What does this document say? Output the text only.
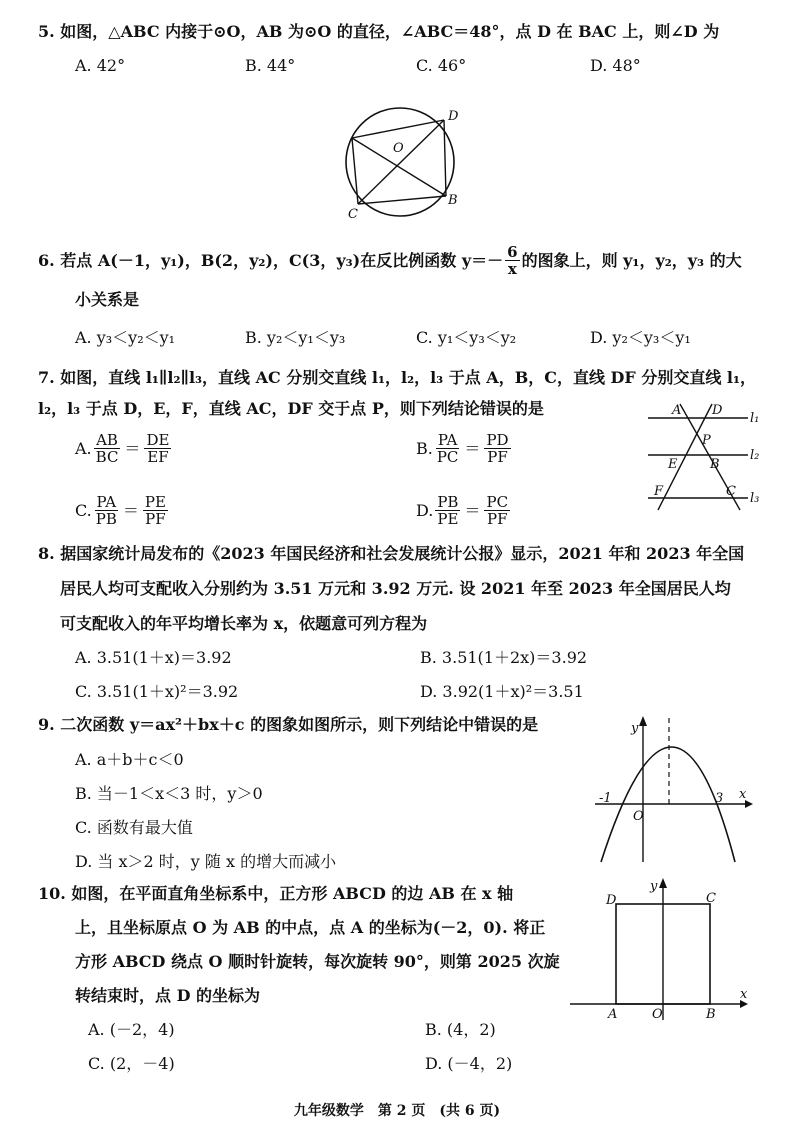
5. 如图，△ABC 内接于⊙O，AB 为⊙O 的直径，∠ABC＝48°，点 D 在 BAC 上，则∠D 为
A. 42°	B. 44°	C. 46°	D. 48°
D
O
B
C
6. 若点 A(－1，y₁)，B(2，y₂)，C(3，y₃)在反比例函数 $y=- \frac{6}{x}$ 的图象上，则 y₁，y₂，y₃ 的大
小关系是
A. y₃＜y₂＜y₁	B. y₂＜y₁＜y₃	C. y₁＜y₃＜y₂	D. y₂＜y₃＜y₁
7. 如图，直线 l₁∥l₂∥l₃，直线 AC 分别交直线 l₁，l₂，l₃ 于点 A，B，C，直线 DF 分别交直线 l₁，
l₂，l₃ 于点 D，E，F，直线 AC，DF 交于点 P，则下列结论错误的是
A. $\frac{AB}{BC} = \frac{DE}{EF}$	B. $\frac{PA}{PC} = \frac{PD}{PF}$
C. $\frac{PA}{PB} = \frac{PE}{PF}$	D. $\frac{PB}{PE} = \frac{PC}{PF}$
A D
l₁
P
E	B
l₂
F	C l₃
8. 据国家统计局发布的《2023 年国民经济和社会发展统计公报》显示，2021 年和 2023 年全国
居民人均可支配收入分别约为 3.51 万元和 3.92 万元. 设 2021 年至 2023 年全国居民人均
可支配收入的年平均增长率为 x，依题意可列方程为
A. 3.51(1＋x)＝3.92	B. 3.51(1＋2x)＝3.92
C. 3.51(1＋x)²＝3.92	D. 3.92(1＋x)²＝3.51
9. 二次函数 y＝ax²＋bx＋c 的图象如图所示，则下列结论中错误的是
A. a＋b＋c＜0
B. 当－1＜x＜3 时，y＞0
C. 函数有最大值
D. 当 x＞2 时，y 随 x 的增大而减小
y
-1
O
3 x
10. 如图，在平面直角坐标系中，正方形 ABCD 的边 AB 在 x 轴
上，且坐标原点 O 为 AB 的中点，点 A 的坐标为(－2，0). 将正
方形 ABCD 绕点 O 顺时针旋转，每次旋转 90°，则第 2025 次旋
转结束时，点 D 的坐标为
A. (－2，4)	B. (4，2)
C. (2，－4)	D. (－4，2)
D
y
C
A	O	B
x
九年级数学　第 2 页　(共 6 页)
